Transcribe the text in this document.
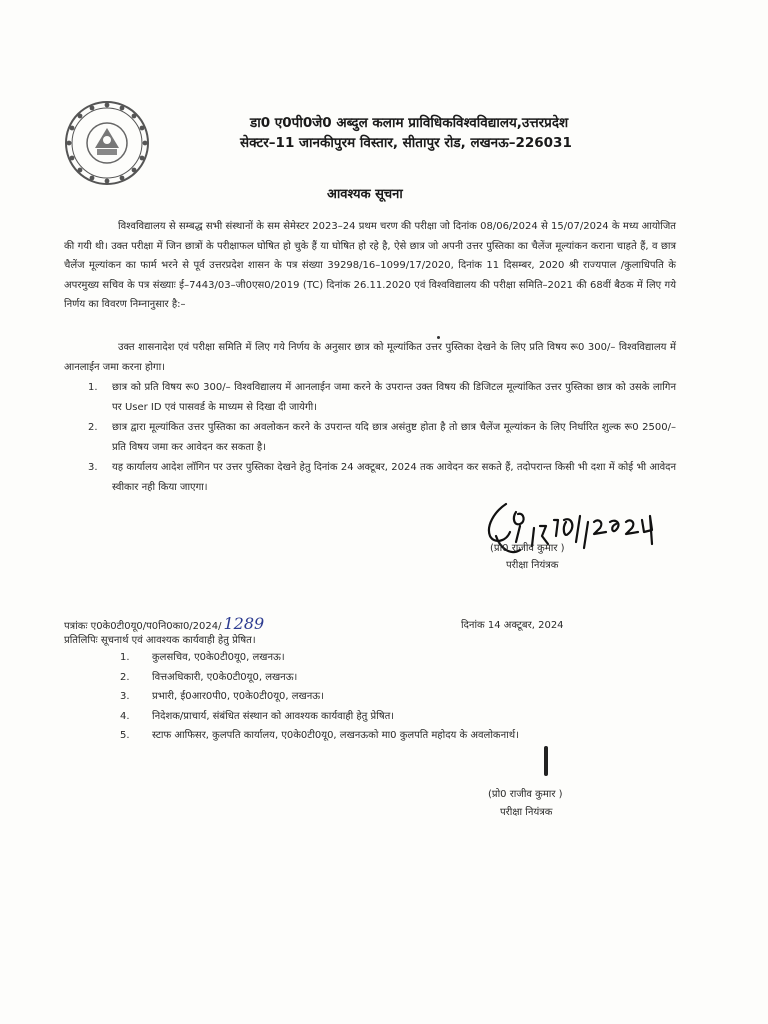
डा0 ए0पी0जे0 अब्दुल कलाम प्राविधिकविश्वविद्यालय,उत्तरप्रदेश
सेक्टर–11 जानकीपुरम विस्तार, सीतापुर रोड, लखनऊ–226031
आवश्यक सूचना
विश्वविद्यालय से सम्बद्ध सभी संस्थानों के सम सेमेस्टर 2023–24 प्रथम चरण की परीक्षा जो दिनांक 08/06/2024 से 15/07/2024 के मध्य आयोजित की गयी थी। उक्त परीक्षा में जिन छात्रों के परीक्षाफल घोषित हो चुके हैं या घोषित हो रहे है, ऐसे छात्र जो अपनी उत्तर पुस्तिका का चैलेंज मूल्यांकन कराना चाहते हैं, व छात्र चैलेंज मूल्यांकन का फार्म भरने से पूर्व उत्तरप्रदेश शासन के पत्र संख्या 39298/16–1099/17/2020, दिनांक 11 दिसम्बर, 2020 श्री राज्यपाल /कुलाधिपति के अपरमुख्य सचिव के पत्र संख्याः ई–7443/03–जी0एस0/2019 (TC) दिनांक 26.11.2020 एवं विश्वविद्यालय की परीक्षा समिति–2021 की 68वीं बैठक में लिए गये निर्णय का विवरण निम्नानुसार है:–
उक्त शासनादेश एवं परीक्षा समिति में लिए गये निर्णय के अनुसार छात्र को मूल्यांकित उत्तर पुस्तिका देखने के लिए प्रति विषय रू0 300/– विश्वविद्यालय में आनलाईन जमा करना होगा।
1. छात्र को प्रति विषय रू0 300/– विश्वविद्यालय में आनलाईन जमा करने के उपरान्त उक्त विषय की डिजिटल मूल्यांकित उत्तर पुस्तिका छात्र को उसके लागिन पर User ID एवं पासवर्ड के माध्यम से दिखा दी जायेगी।
2. छात्र द्वारा मूल्यांकित उत्तर पुस्तिका का अवलोकन करने के उपरान्त यदि छात्र असंतुष्ट होता है तो छात्र चैलेंज मूल्यांकन के लिए निर्धारित शुल्क रू0 2500/– प्रति विषय जमा कर आवेदन कर सकता है।
3. यह कार्यालय आदेश लॉगिन पर उत्तर पुस्तिका देखने हेतु दिनांक 24 अक्टूबर, 2024 तक आवेदन कर सकते हैं, तदोपरान्त किसी भी दशा में कोई भी आवेदन स्वीकार नही किया जाएगा।
(प्रो0 राजीव कुमार )
परीक्षा नियंत्रक
पत्रांकः ए0के0टी0यू0/प0नि0का0/2024/ 1289	दिनांक 14 अक्टूबर, 2024
प्रतिलिपिः सूचनार्थ एवं आवश्यक कार्यवाही हेतु प्रेषित।
1. कुलसचिव, ए0के0टी0यू0, लखनऊ।
2. वित्तअधिकारी, ए0के0टी0यू0, लखनऊ।
3. प्रभारी, ई0आर0पी0, ए0के0टी0यू0, लखनऊ।
4. निदेशक/प्राचार्य, संबंधित संस्थान को आवश्यक कार्यवाही हेतु प्रेषित।
5. स्टाफ आफिसर, कुलपति कार्यालय, ए0के0टी0यू0, लखनऊको मा0 कुलपति महोदय के अवलोकनार्थ।
(प्रो0 राजीव कुमार )
परीक्षा नियंत्रक
